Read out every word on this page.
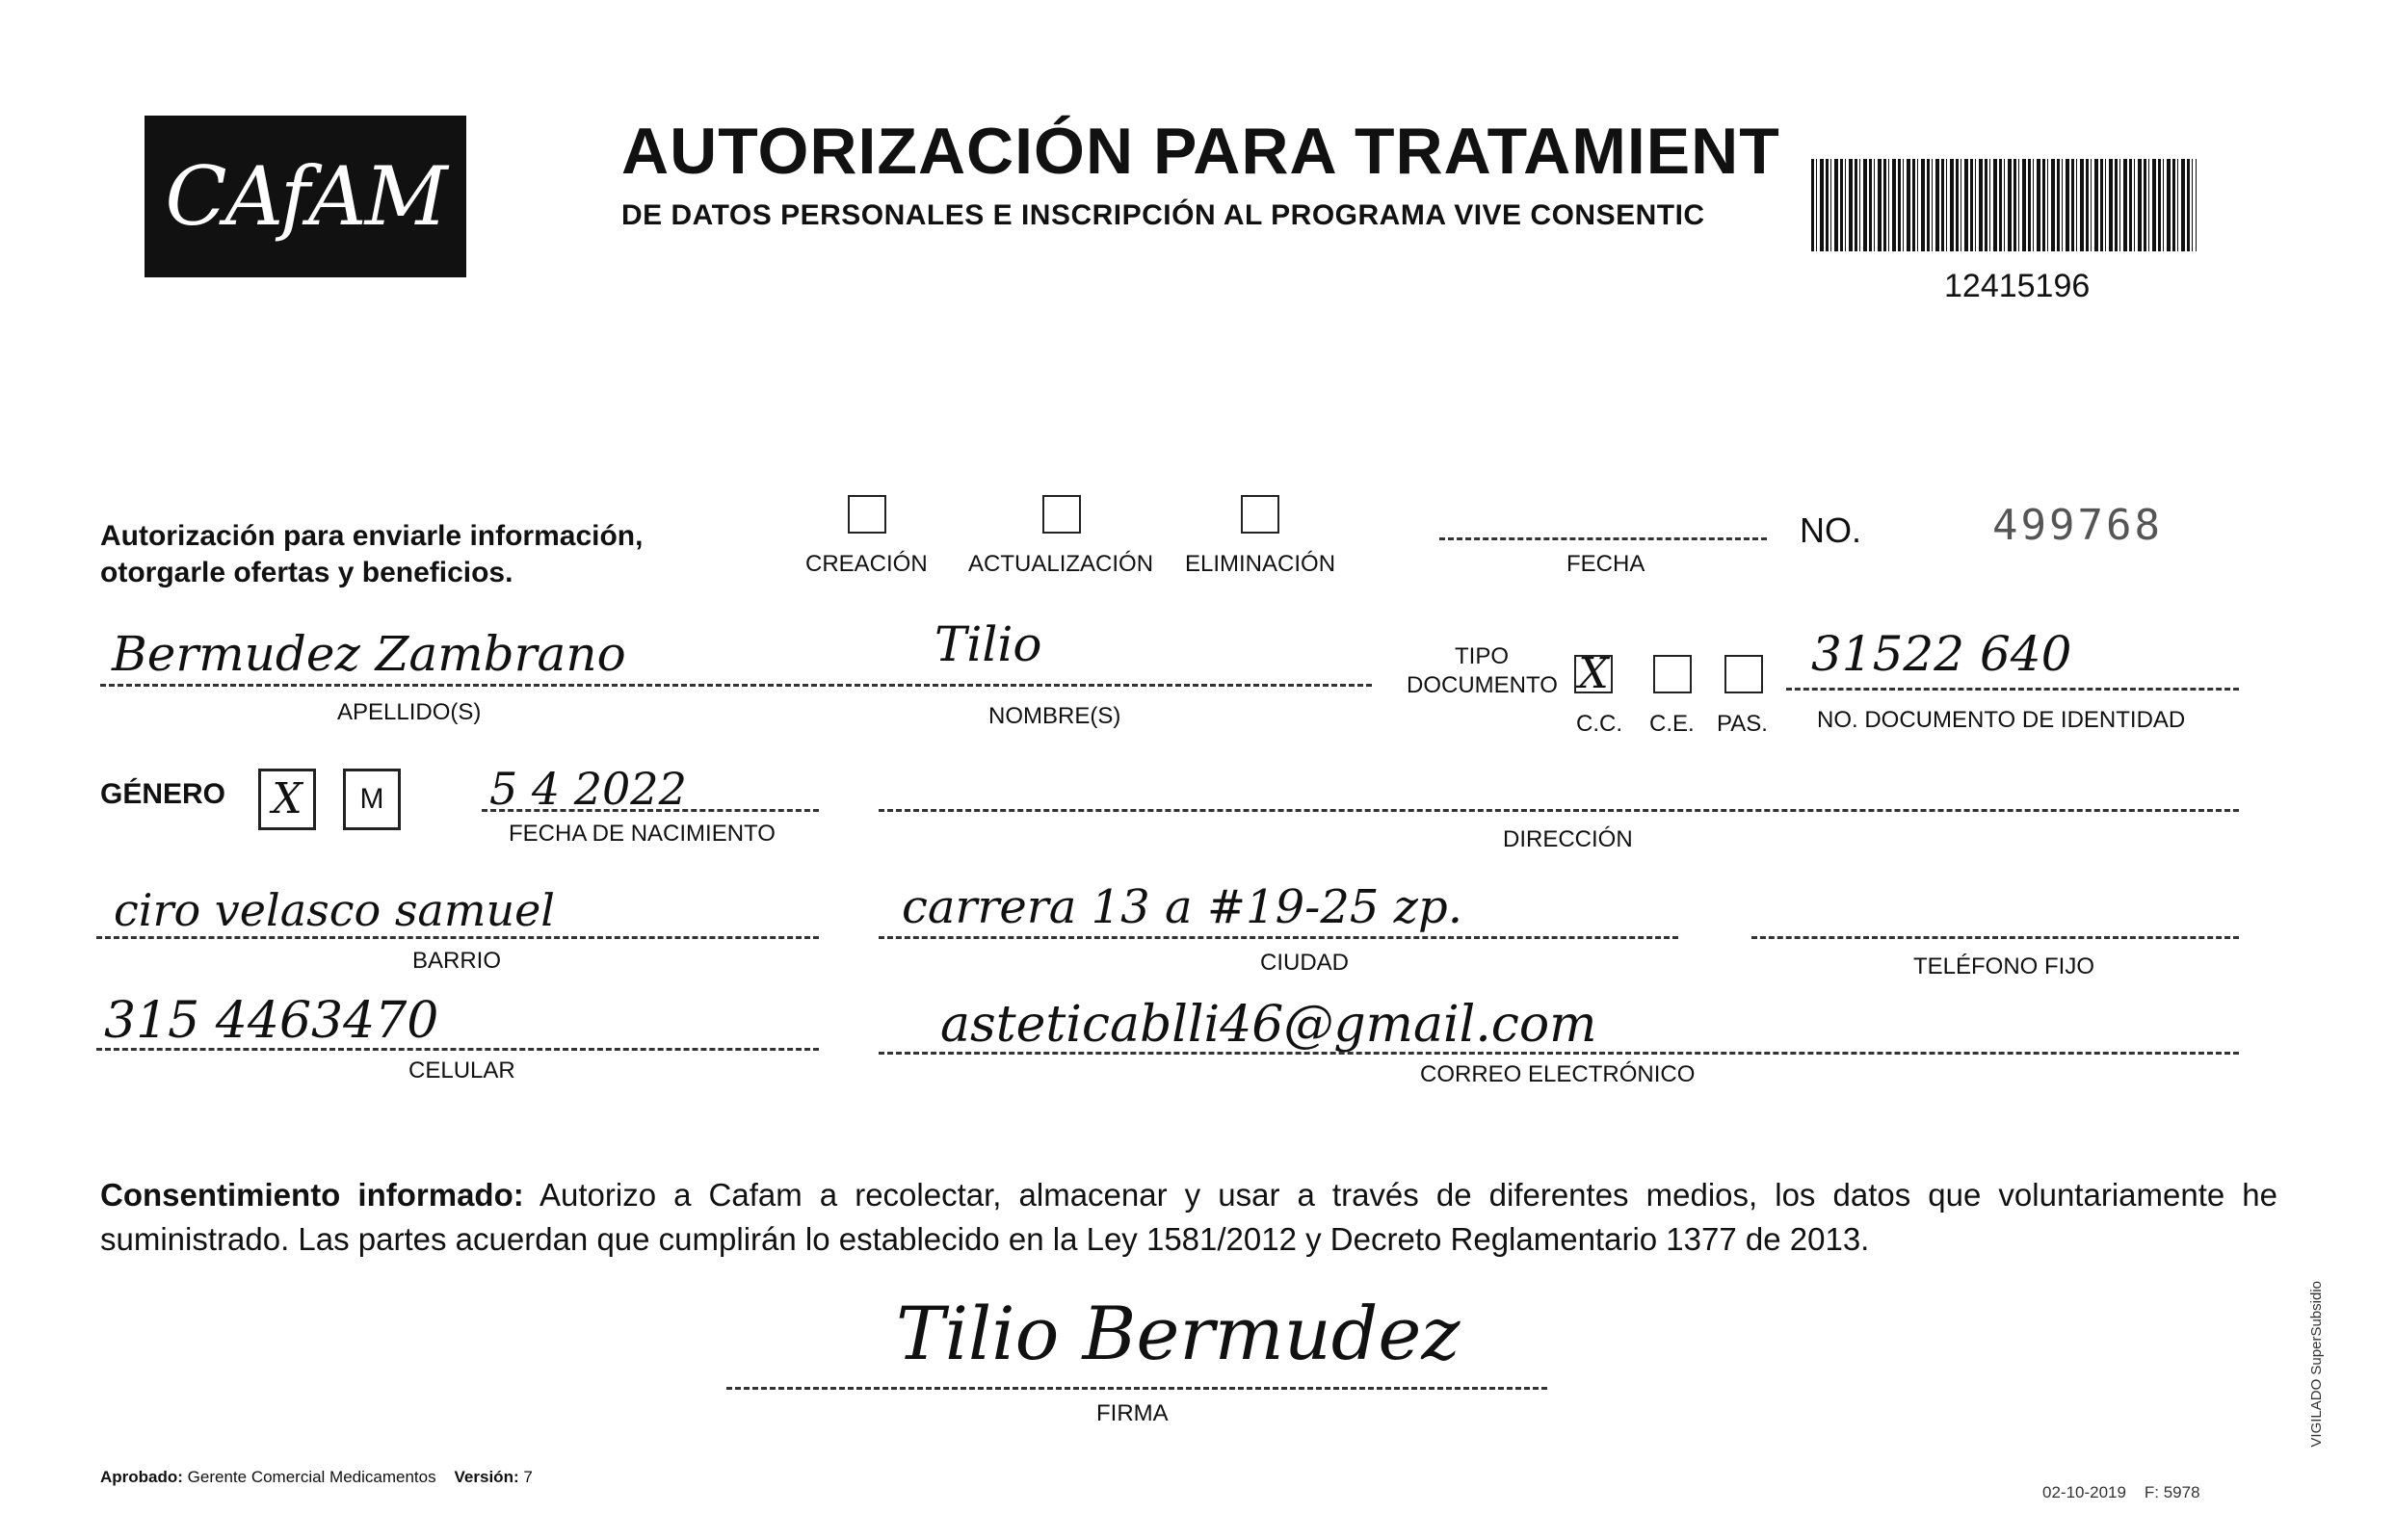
CAfAM	AUTORIZACIÓN PARA TRATAMIENT
DE DATOS PERSONALES E INSCRIPCIÓN AL PROGRAMA VIVE CONSENTIC
12415196
Autorización para enviarle información,
otorgarle ofertas y beneficios.	CREACIÓN ACTUALIZACIÓN ELIMINACIÓN	FECHA
NO.	499768
Bermudez Zambrano
APELLIDO(S)
Tilio
NOMBRE(S)
TIPO
DOCUMENTO X
C.C. C.E. PAS.
31522 640
NO. DOCUMENTO DE IDENTIDAD
GÉNERO X M 5 4 2022
FECHA DE NACIMIENTO	DIRECCIÓN
ciro velasco samuel
BARRIO
carrera 13 a #19-25 zp.
CIUDAD	TELÉFONO FIJO
315 4463470
CELULAR
asteticablli46@gmail.com
CORREO ELECTRÓNICO
Consentimiento informado: Autorizo a Cafam a recolectar, almacenar y usar a través de diferentes medios, los datos que voluntariamente he suministrado. Las partes acuerdan que cumplirán lo establecido en la Ley 1581/2012 y Decreto Reglamentario 1377 de 2013.
Tilio Bermudez
FIRMA
Aprobado: Gerente Comercial Medicamentos Versión: 7
02-10-2019 F: 5978
VIGILADO SuperSubsidio
